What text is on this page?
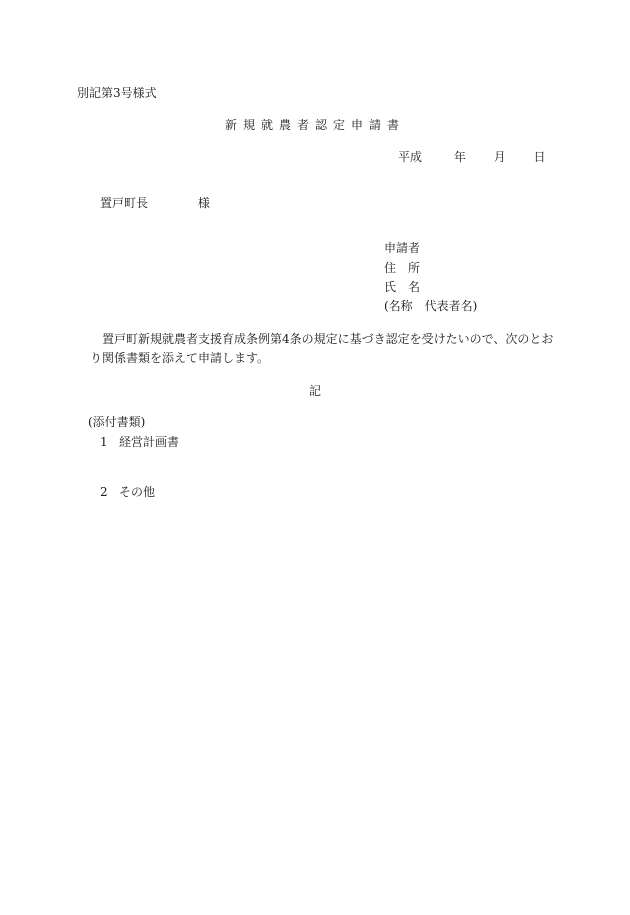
別記第3号様式
新規就農者認定申請書
平成	年 月 日
置戸町長	様
申請者
住　所
氏　名
(名称　代表者名)
置戸町新規就農者支援育成条例第4条の規定に基づき認定を受けたいので、次のとおり関係書類を添えて申請します。
記
(添付書類)
1 経営計画書
2 その他
